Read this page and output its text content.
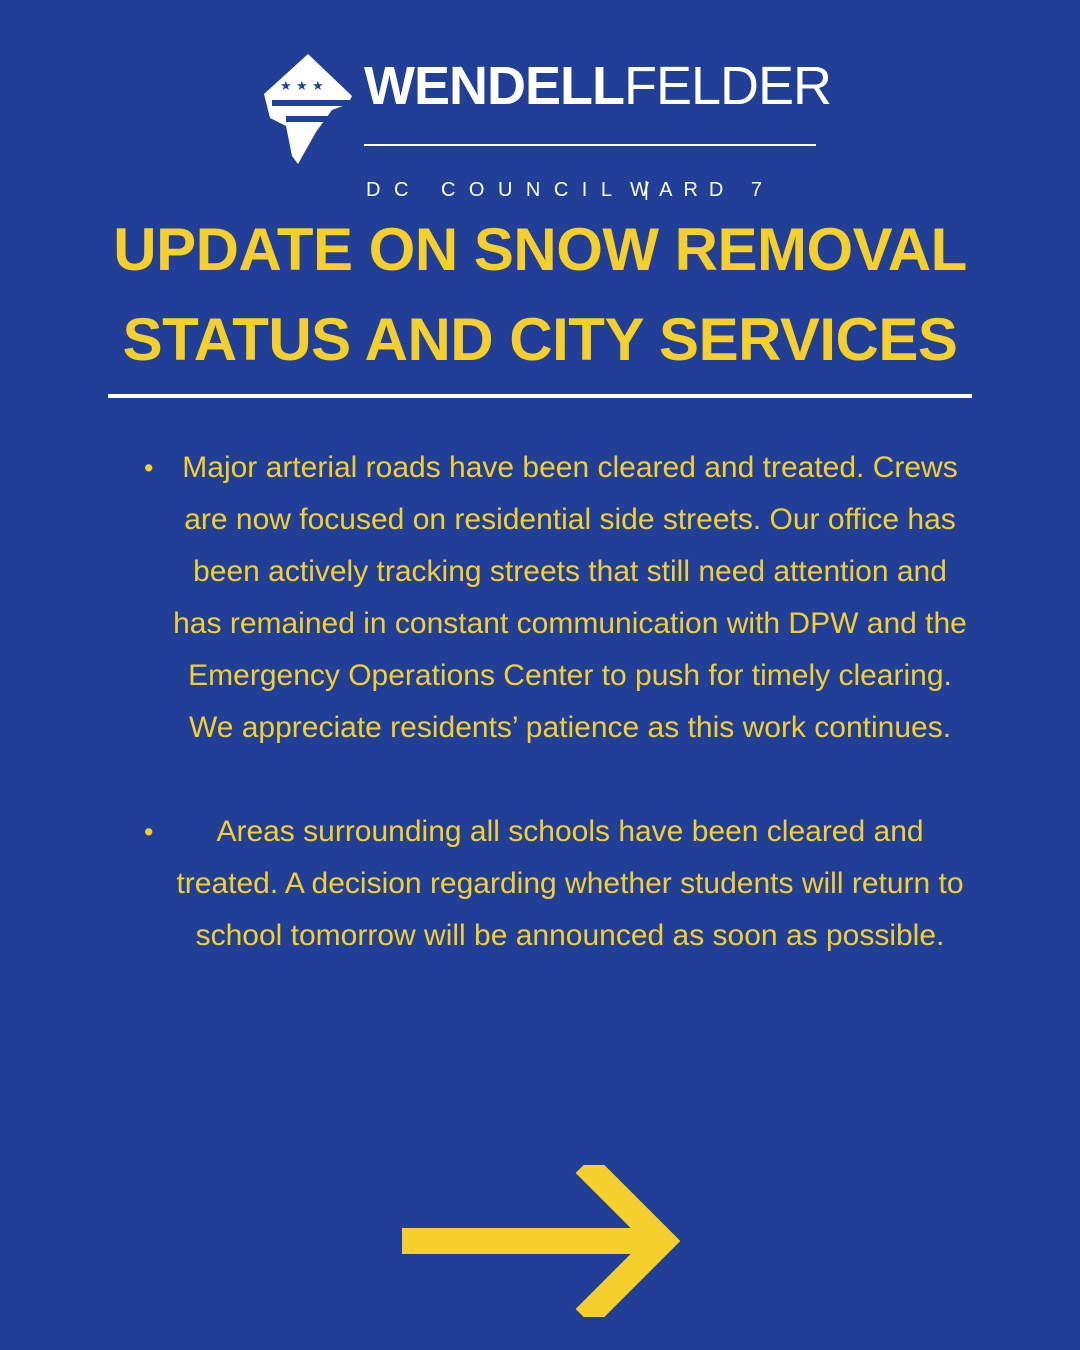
★ ★ ★ WENDELLFELDER
DC COUNCIL |
WARD 7
UPDATE ON SNOW REMOVAL
STATUS AND CITY SERVICES
• Major arterial roads have been cleared and treated. Crews are now focused on residential side streets. Our office has been actively tracking streets that still need attention and has remained in constant communication with DPW and the Emergency Operations Center to push for timely clearing. We appreciate residents’ patience as this work continues.
•	Areas surrounding all schools have been cleared and treated. A decision regarding whether students will return to school tomorrow will be announced as soon as possible.
